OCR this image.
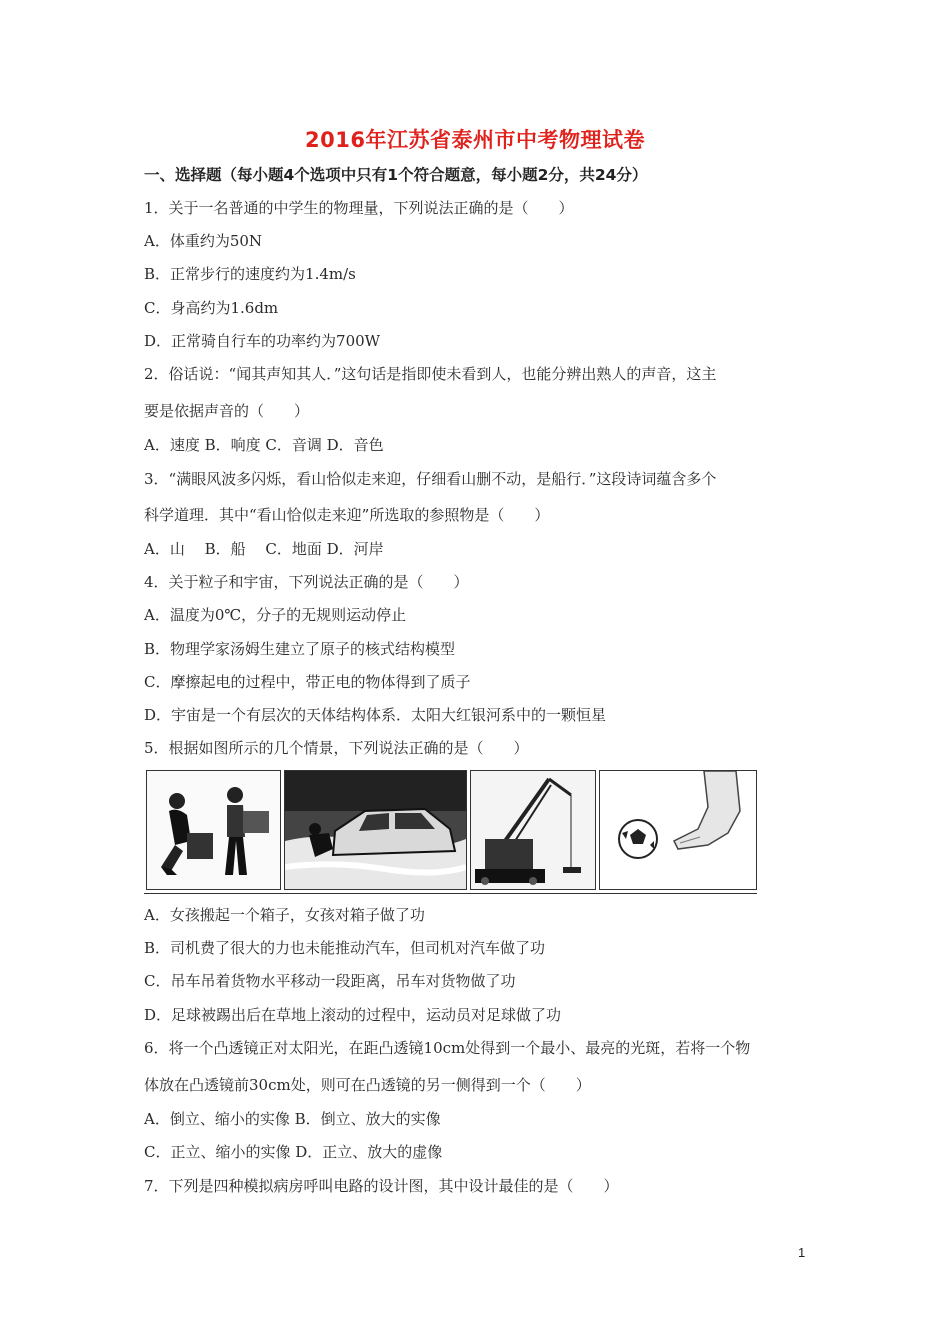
2016年江苏省泰州市中考物理试卷
一、选择题（每小题4个选项中只有1个符合题意，每小题2分，共24分）
1．关于一名普通的中学生的物理量，下列说法正确的是（　　）
A．体重约为50N
B．正常步行的速度约为1.4m/s
C．身高约为1.6dm
D．正常骑自行车的功率约为700W
2．俗话说：“闻其声知其人．”这句话是指即使未看到人，也能分辨出熟人的声音，这主
要是依据声音的（　　）
A．速度 B．响度 C．音调 D．音色
3．“满眼风波多闪烁，看山恰似走来迎，仔细看山删不动，是船行．”这段诗词蕴含多个
科学道理．其中“看山恰似走来迎”所选取的参照物是（　　）
A．山　 B．船　 C．地面 D．河岸
4．关于粒子和宇宙，下列说法正确的是（　　）
A．温度为0℃，分子的无规则运动停止
B．物理学家汤姆生建立了原子的核式结构模型
C．摩擦起电的过程中，带正电的物体得到了质子
D．宇宙是一个有层次的天体结构体系．太阳大红银河系中的一颗恒星
5．根据如图所示的几个情景，下列说法正确的是（　　）
A．女孩搬起一个箱子，女孩对箱子做了功
B．司机费了很大的力也未能推动汽车，但司机对汽车做了功
C．吊车吊着货物水平移动一段距离，吊车对货物做了功
D．足球被踢出后在草地上滚动的过程中，运动员对足球做了功
6．将一个凸透镜正对太阳光，在距凸透镜10cm处得到一个最小、最亮的光斑，若将一个物
体放在凸透镜前30cm处，则可在凸透镜的另一侧得到一个（　　）
A．倒立、缩小的实像 B．倒立、放大的实像
C．正立、缩小的实像 D．正立、放大的虚像
7．下列是四种模拟病房呼叫电路的设计图，其中设计最佳的是（　　）
1
